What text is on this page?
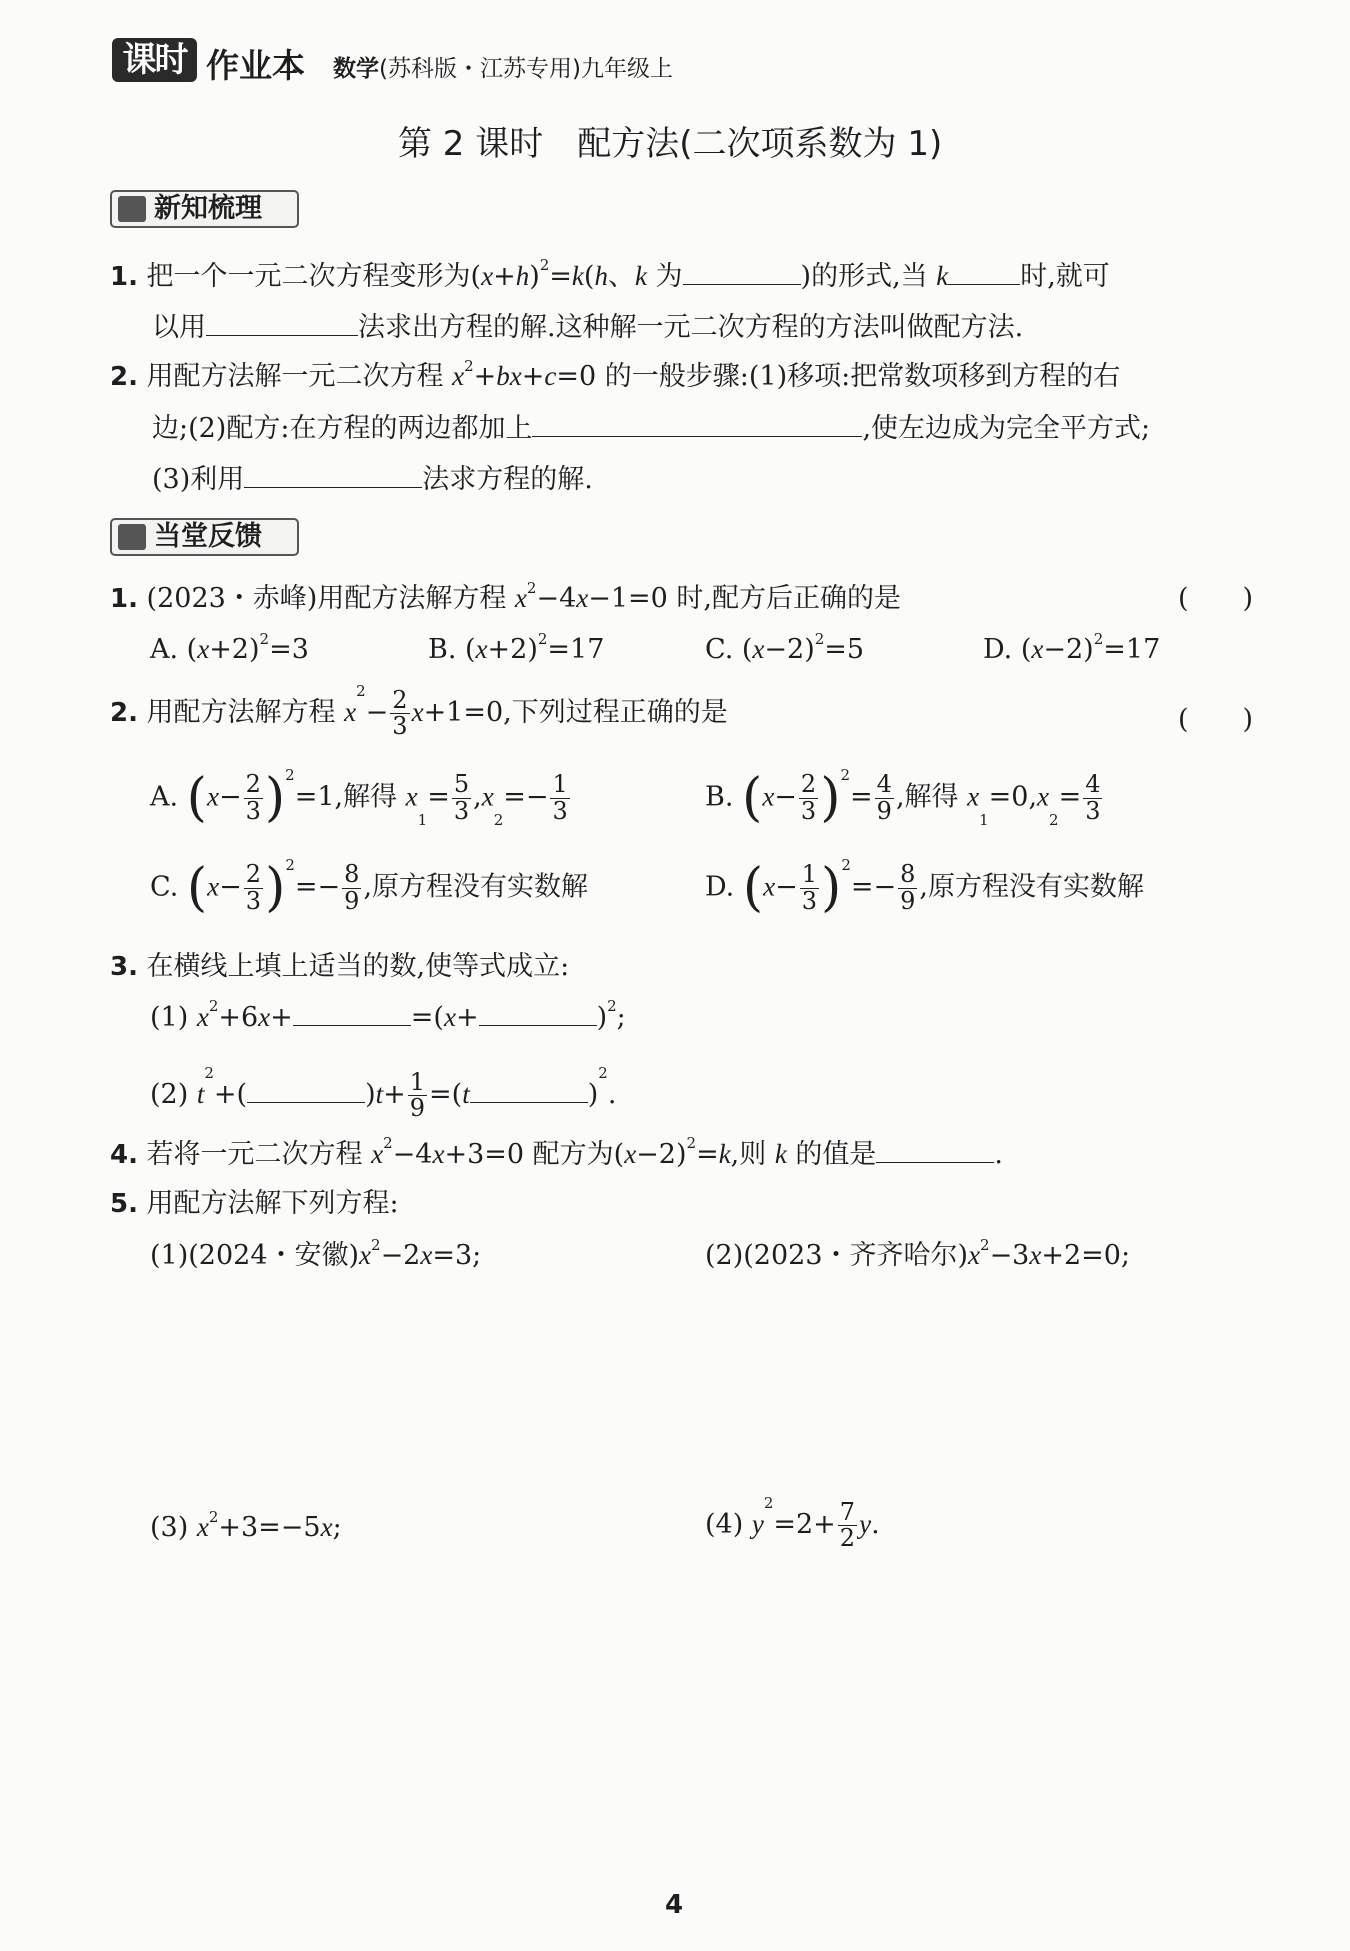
课时 作业本 数学(苏科版・江苏专用)九年级上
第 2 课时　配方法(二次项系数为 1)
新知梳理
1. 把一个一元二次方程变形为$(x+h)^2=k(h$、k 为	)的形式,当 k	时,就可
以用	法求出方程的解.这种解一元二次方程的方法叫做配方法.
2. 用配方法解一元二次方程 $x^2+bx+c=0$ 的一般步骤:(1)移项:把常数项移到方程的右
边;(2)配方:在方程的两边都加上	,使左边成为完全平方式;
(3)利用	法求方程的解.
当堂反馈
1. (2023・赤峰)用配方法解方程 $x^2-4x-1=0$ 时,配方后正确的是	(　　)
A. $(x+2)^2=3$	B. $(x+2)^2=17$	C. $(x-2)^2=5$	D. $(x-2)^2=17$
2. 用配方法解方程 $x^2- \frac{2}{3} x+1=0$,下列过程正确的是	(　　)
A. $(x- \frac{2}{3} )^2=1$,解得 $x_1= \frac{5}{3} ,x_2=- \frac{1}{3}$	B. $(x- \frac{2}{3} )^2= \frac{4}{9}$ ,解得 $x_1=0,x_2= \frac{4}{3}$
C. $(x- \frac{2}{3} )^2=- \frac{8}{9}$ ,原方程没有实数解	D. $(x- \frac{1}{3} )^2=- \frac{8}{9}$ ,原方程没有实数解
3. 在横线上填上适当的数,使等式成立:
(1) $x^2+6x+$	=(x+	)$^2$;
(2) $t^2+$(	)$t+ \frac{1}{9} =(t$	)$^2$.
4. 若将一元二次方程 $x^2-4x+3=0$ 配方为$(x-2)^2=k$,则 k 的值是	.
5. 用配方法解下列方程:
(1)(2024・安徽)$x^2-2x=3$;	(2)(2023・齐齐哈尔)$x^2-3x+2=0$;
(3) $x^2+3=-5x$;	(4) $y^2=2+ \frac{7}{2} y$.
4
